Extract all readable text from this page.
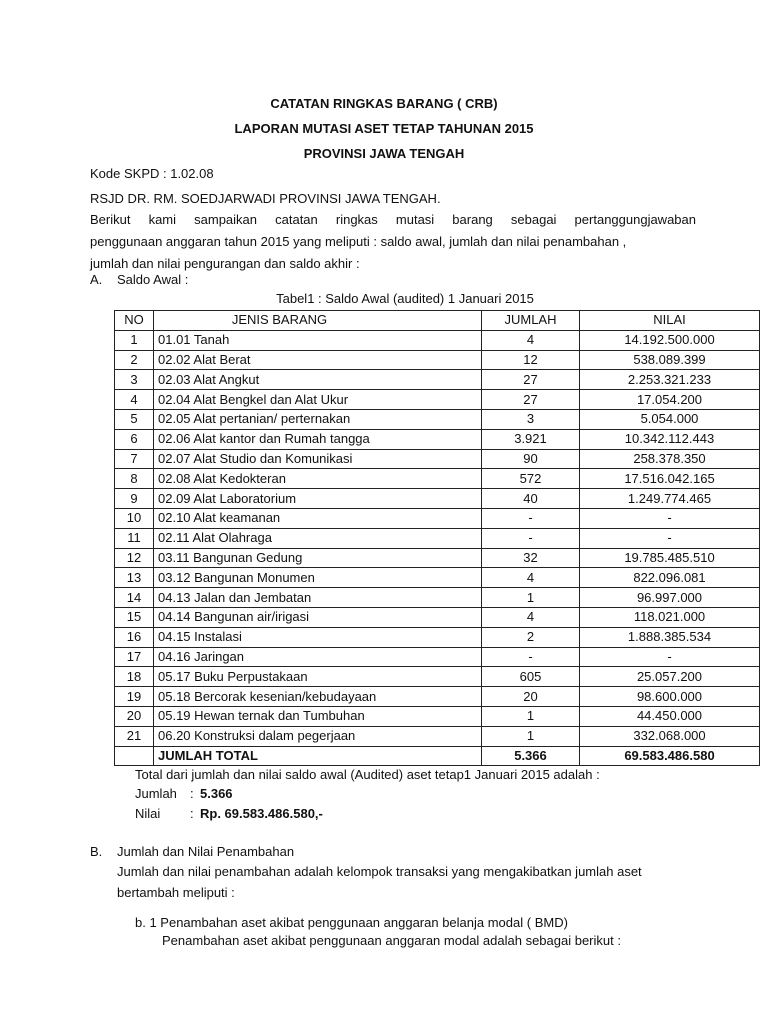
CATATAN RINGKAS BARANG ( CRB)
LAPORAN MUTASI ASET TETAP TAHUNAN 2015
PROVINSI JAWA TENGAH
Kode SKPD : 1.02.08
RSJD DR. RM. SOEDJARWADI PROVINSI JAWA TENGAH.
Berikut kami sampaikan catatan ringkas mutasi barang sebagai pertanggungjawaban
penggunaan anggaran tahun 2015 yang meliputi : saldo awal, jumlah dan nilai penambahan ,
jumlah dan nilai pengurangan dan saldo akhir :
A. Saldo Awal :
Tabel1 : Saldo Awal (audited) 1 Januari 2015
NO	JENIS BARANG	JUMLAH	NILAI
1	01.01 Tanah	4	14.192.500.000
2	02.02 Alat Berat	12	538.089.399
3	02.03 Alat Angkut	27	2.253.321.233
4	02.04 Alat Bengkel dan Alat Ukur	27	17.054.200
5	02.05 Alat pertanian/ perternakan	3	5.054.000
6	02.06 Alat kantor dan Rumah tangga	3.921	10.342.112.443
7	02.07 Alat Studio dan Komunikasi	90	258.378.350
8	02.08 Alat Kedokteran	572	17.516.042.165
9	02.09 Alat Laboratorium	40	1.249.774.465
10	02.10 Alat keamanan	-	-
11	02.11 Alat Olahraga	-	-
12	03.11 Bangunan Gedung	32	19.785.485.510
13	03.12 Bangunan Monumen	4	822.096.081
14	04.13 Jalan dan Jembatan	1	96.997.000
15	04.14 Bangunan air/irigasi	4	118.021.000
16	04.15 Instalasi	2	1.888.385.534
17	04.16 Jaringan	-	-
18	05.17 Buku Perpustakaan	605	25.057.200
19	05.18 Bercorak kesenian/kebudayaan	20	98.600.000
20	05.19 Hewan ternak dan Tumbuhan	1	44.450.000
21	06.20 Konstruksi dalam pegerjaan	1	332.068.000
	JUMLAH TOTAL	5.366	69.583.486.580
Total dari jumlah dan nilai saldo awal (Audited) aset tetap1 Januari 2015 adalah :
Jumlah : 5.366
Nilai : Rp. 69.583.486.580,-
B. Jumlah dan Nilai Penambahan
Jumlah dan nilai penambahan adalah kelompok transaksi yang mengakibatkan jumlah aset
bertambah meliputi :
b. 1 Penambahan aset akibat penggunaan anggaran belanja modal ( BMD)
Penambahan aset akibat penggunaan anggaran modal adalah sebagai berikut :
